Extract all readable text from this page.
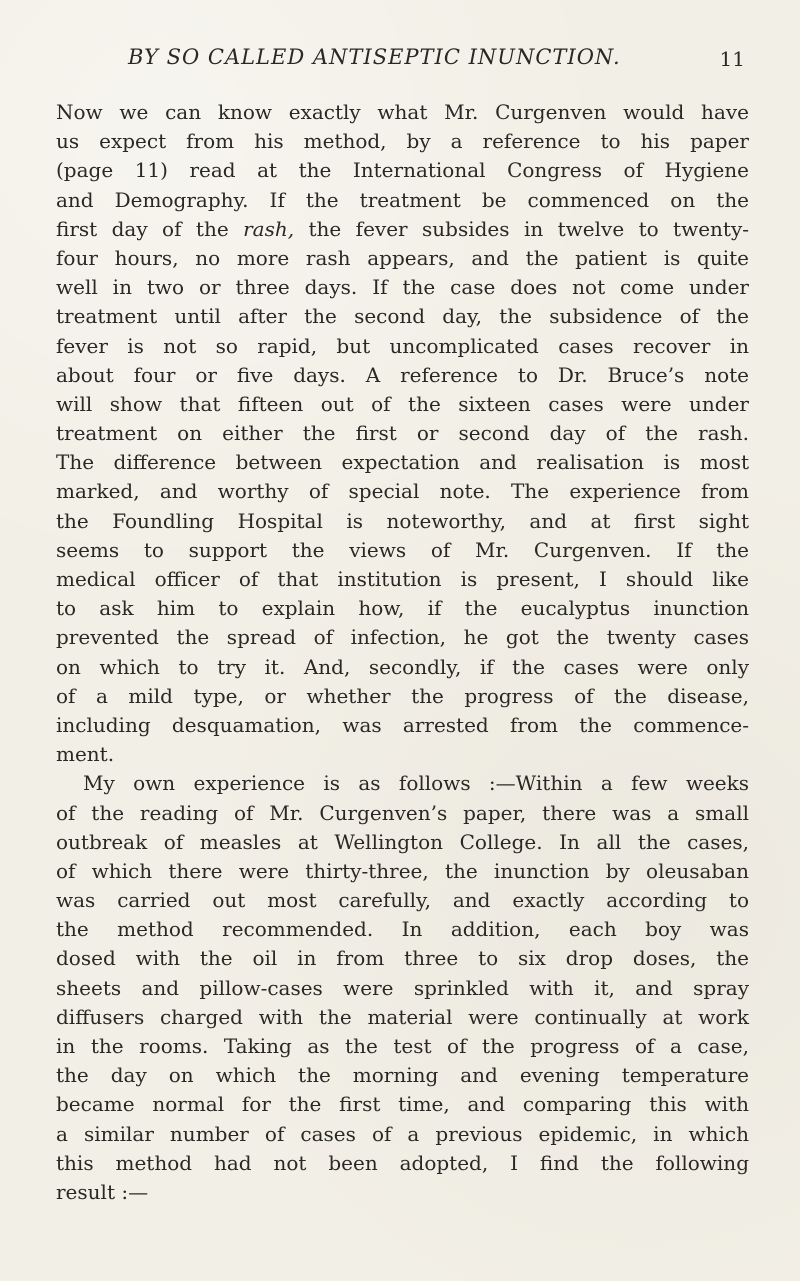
BY SO CALLED ANTISEPTIC INUNCTION.	11
Now we can know exactly what Mr. Curgenven would have
us expect from his method, by a reference to his paper
(page 11) read at the International Congress of Hygiene
and Demography. If the treatment be commenced on the
first day of the rash, the fever subsides in twelve to twenty-
four hours, no more rash appears, and the patient is quite
well in two or three days. If the case does not come under
treatment until after the second day, the subsidence of the
fever is not so rapid, but uncomplicated cases recover in
about four or five days. A reference to Dr. Bruce’s note
will show that fifteen out of the sixteen cases were under
treatment on either the first or second day of the rash.
The difference between expectation and realisation is most
marked, and worthy of special note. The experience from
the Foundling Hospital is noteworthy, and at first sight
seems to support the views of Mr. Curgenven. If the
medical officer of that institution is present, I should like
to ask him to explain how, if the eucalyptus inunction
prevented the spread of infection, he got the twenty cases
on which to try it. And, secondly, if the cases were only
of a mild type, or whether the progress of the disease,
including desquamation, was arrested from the commence-
ment.
My own experience is as follows :—Within a few weeks
of the reading of Mr. Curgenven’s paper, there was a small
outbreak of measles at Wellington College. In all the cases,
of which there were thirty-three, the inunction by oleusaban
was carried out most carefully, and exactly according to
the method recommended. In addition, each boy was
dosed with the oil in from three to six drop doses, the
sheets and pillow-cases were sprinkled with it, and spray
diffusers charged with the material were continually at work
in the rooms. Taking as the test of the progress of a case,
the day on which the morning and evening temperature
became normal for the first time, and comparing this with
a similar number of cases of a previous epidemic, in which
this method had not been adopted, I find the following
result :—
